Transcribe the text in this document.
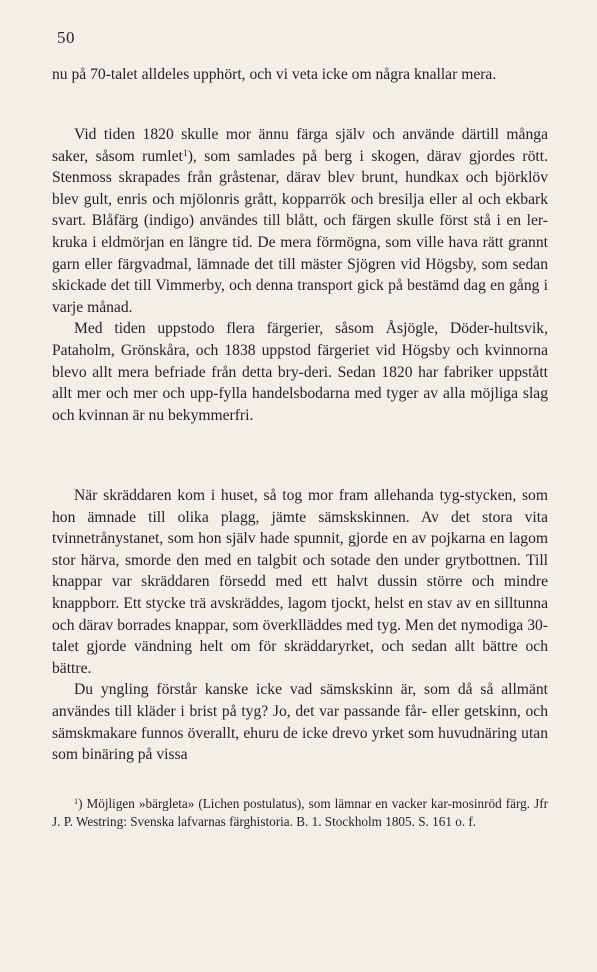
50

nu på 70-talet alldeles upphört, och vi veta icke om några knallar mera.

Vid tiden 1820 skulle mor ännu färga själv och använde därtill många saker, såsom rumlet$^1$), som samlades på berg i skogen, därav gjordes rött. Stenmoss skrapades från gråstenar, därav blev brunt, hundkax och björklöv blev gult, enris och mjölonris grått, kopparrök och bresilja eller al och ekbark svart. Blåfärg (indigo) användes till blått, och färgen skulle först stå i en ler-kruka i eldmörjan en längre tid. De mera förmögna, som ville hava rätt grannt garn eller färgvadmal, lämnade det till mäster Sjögren vid Högsby, som sedan skickade det till Vimmerby, och denna transport gick på bestämd dag en gång i varje månad.

Med tiden uppstodo flera färgerier, såsom Åsjögle, Döder-hultsvik, Pataholm, Grönskåra, och 1838 uppstod färgeriet vid Högsby och kvinnorna blevo allt mera befriade från detta bry-deri. Sedan 1820 har fabriker uppstått allt mer och mer och upp-fylla handelsbodarna med tyger av alla möjliga slag och kvinnan är nu bekymmerfri.

När skräddaren kom i huset, så tog mor fram allehanda tyg-stycken, som hon ämnade till olika plagg, jämte sämskskinnen. Av det stora vita tvinnetrånystanet, som hon själv hade spunnit, gjorde en av pojkarna en lagom stor härva, smorde den med en talgbit och sotade den under grytbottnen. Till knappar var skräddaren försedd med ett halvt dussin större och mindre knappborr. Ett stycke trä avskräddes, lagom tjockt, helst en stav av en silltunna och därav borrades knappar, som överklläddes med tyg. Men det nymodiga 30-talet gjorde vändning helt om för skräddaryrket, och sedan allt bättre och bättre.

Du yngling förstår kanske icke vad sämskskinn är, som då så allmänt användes till kläder i brist på tyg? Jo, det var passande får- eller getskinn, och sämskmakare funnos överallt, ehuru de icke drevo yrket som huvudnäring utan som binäring på vissa

$^1$) Möjligen »bärgleta» (Lichen postulatus), som lämnar en vacker kar-mosinröd färg. Jfr J. P. Westring: Svenska lafvarnas färghistoria. B. 1. Stockholm 1805. S. 161 o. f.
